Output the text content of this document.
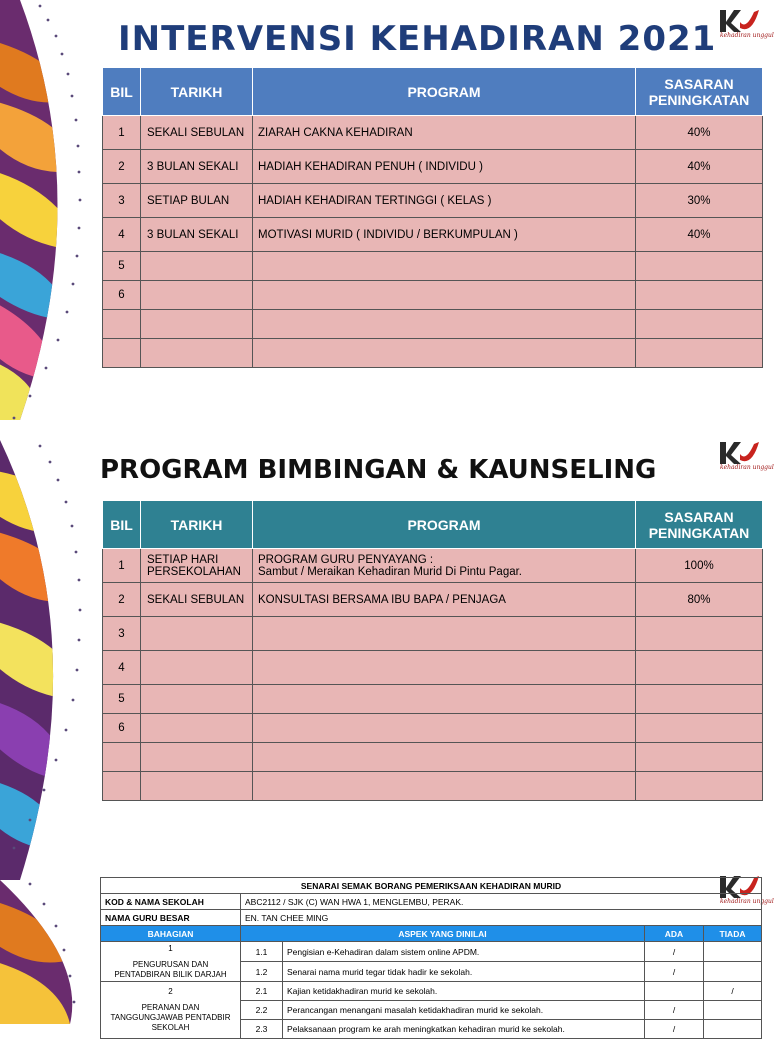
INTERVENSI KEHADIRAN 2021 kehadiran unggul
BIL	TARIKH	PROGRAM	SASARAN PENINGKATAN
1	SEKALI SEBULAN	ZIARAH CAKNA KEHADIRAN	40%
2	3 BULAN SEKALI	HADIAH KEHADIRAN PENUH ( INDIVIDU )	40%
3	SETIAP BULAN	HADIAH KEHADIRAN TERTINGGI ( KELAS )	30%
4	3 BULAN SEKALI	MOTIVASI MURID ( INDIVIDU / BERKUMPULAN )	40%
5			
6			

PROGRAM BIMBINGAN & KAUNSELING	kehadiran unggul
BIL	TARIKH	PROGRAM	SASARAN PENINGKATAN
1	SETIAP HARI PERSEKOLAHAN	PROGRAM GURU PENYAYANG :
Sambut / Meraikan Kehadiran Murid Di Pintu Pagar.	100%
2	SEKALI SEBULAN	KONSULTASI BERSAMA IBU BAPA / PENJAGA	80%
3			
4			
5			
6			

kehadiran unggul
SENARAI SEMAK BORANG PEMERIKSAAN KEHADIRAN MURID				
KOD & NAMA SEKOLAH	ABC2112 / SJK (C) WAN HWA 1, MENGLEMBU, PERAK.			
NAMA GURU BESAR	EN. TAN CHEE MING			
BAHAGIAN	ASPEK YANG DINILAI		ADA	TIADA

1
PENGURUSAN DAN PENTADBIRAN BILIK DARJAH	1.1	Pengisian e-Kehadiran dalam sistem online APDM.	/	
	1.2	Senarai nama murid tegar tidak hadir ke sekolah.	/	

2
PERANAN DAN TANGGUNGJAWAB PENTADBIR SEKOLAH	2.1	Kajian ketidakhadiran murid ke sekolah.		/
	2.2	Perancangan menangani masalah ketidakhadiran murid ke sekolah.	/	
	2.3	Pelaksanaan program ke arah meningkatkan kehadiran murid ke sekolah.	/	
